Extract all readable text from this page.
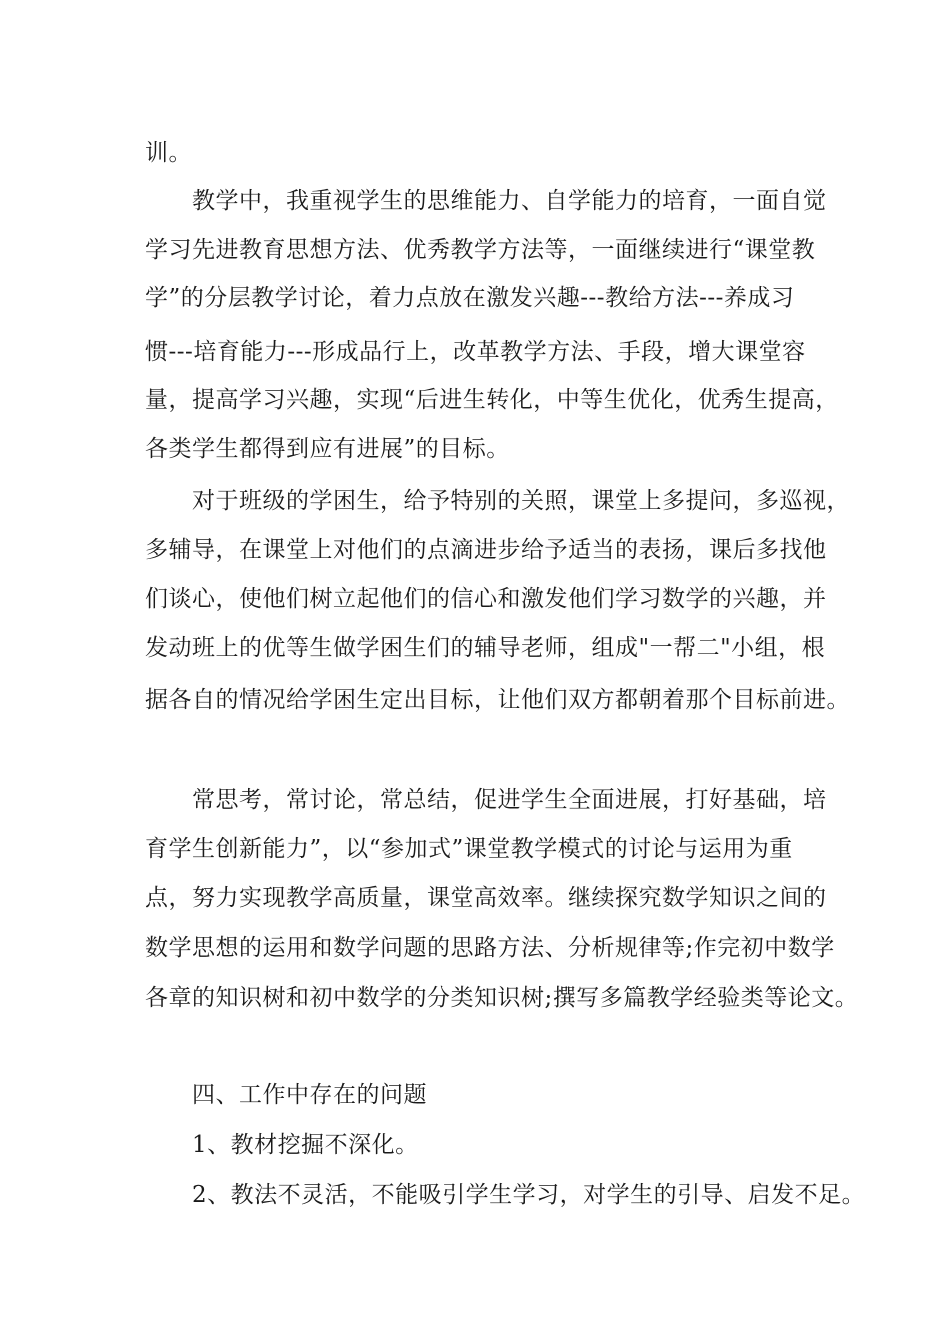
训。
教学中，我重视学生的思维能力、自学能力的培育，一面自觉
学习先进教育思想方法、优秀教学方法等，一面继续进行“课堂教
学”的分层教学讨论，着力点放在激发兴趣---教给方法---养成习
惯---培育能力---形成品行上，改革教学方法、手段，增大课堂容
量，提高学习兴趣，实现“后进生转化，中等生优化，优秀生提高，
各类学生都得到应有进展”的目标。
对于班级的学困生，给予特别的关照，课堂上多提问，多巡视，
多辅导，在课堂上对他们的点滴进步给予适当的表扬，课后多找他
们谈心，使他们树立起他们的信心和激发他们学习数学的兴趣，并
发动班上的优等生做学困生们的辅导老师，组成"一帮二"小组，根
据各自的情况给学困生定出目标，让他们双方都朝着那个目标前进。
常思考，常讨论，常总结，促进学生全面进展，打好基础，培
育学生创新能力”，以“参加式”课堂教学模式的讨论与运用为重
点，努力实现教学高质量，课堂高效率。继续探究数学知识之间的
数学思想的运用和数学问题的思路方法、分析规律等;作完初中数学
各章的知识树和初中数学的分类知识树;撰写多篇教学经验类等论文。
四、工作中存在的问题
1、教材挖掘不深化。
2、教法不灵活，不能吸引学生学习，对学生的引导、启发不足。
